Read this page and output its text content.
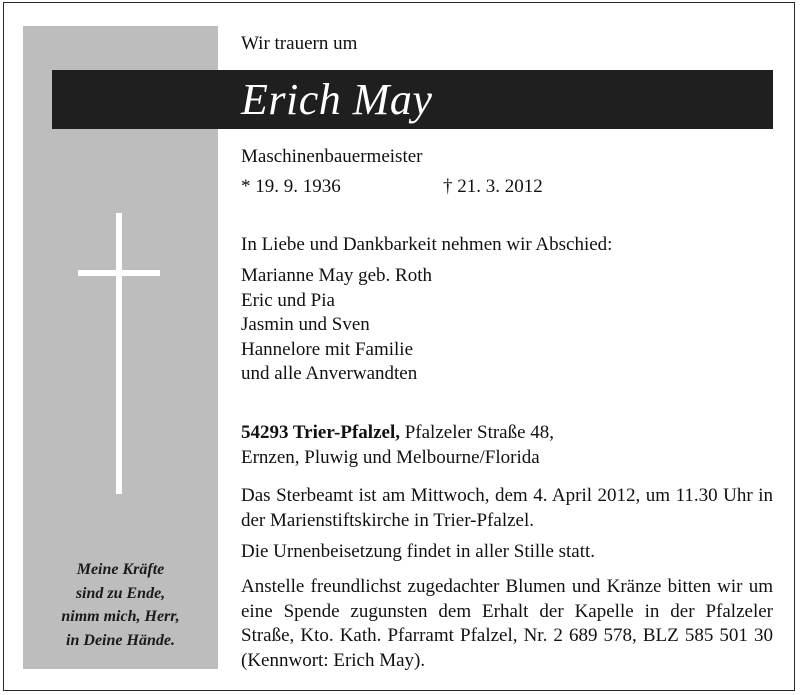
Meine Kräfte
sind zu Ende,
nimm mich, Herr,
in Deine Hände.
Wir trauern um
Erich May
Maschinenbauermeister
* 19. 9. 1936	† 21. 3. 2012
In Liebe und Dankbarkeit nehmen wir Abschied:
Marianne May geb. Roth
Eric und Pia
Jasmin und Sven
Hannelore mit Familie
und alle Anverwandten
54293 Trier-Pfalzel, Pfalzeler Straße 48,
Ernzen, Pluwig und Melbourne/Florida
Das Sterbeamt ist am Mittwoch, dem 4. April 2012, um 11.30 Uhr in der Marienstiftskirche in Trier-Pfalzel.
Die Urnenbeisetzung findet in aller Stille statt.
Anstelle freundlichst zugedachter Blumen und Kränze bitten wir um eine Spende zugunsten dem Erhalt der Kapelle in der Pfalzeler Straße, Kto. Kath. Pfarramt Pfalzel, Nr. 2 689 578, BLZ 585 501 30 (Kennwort: Erich May).
